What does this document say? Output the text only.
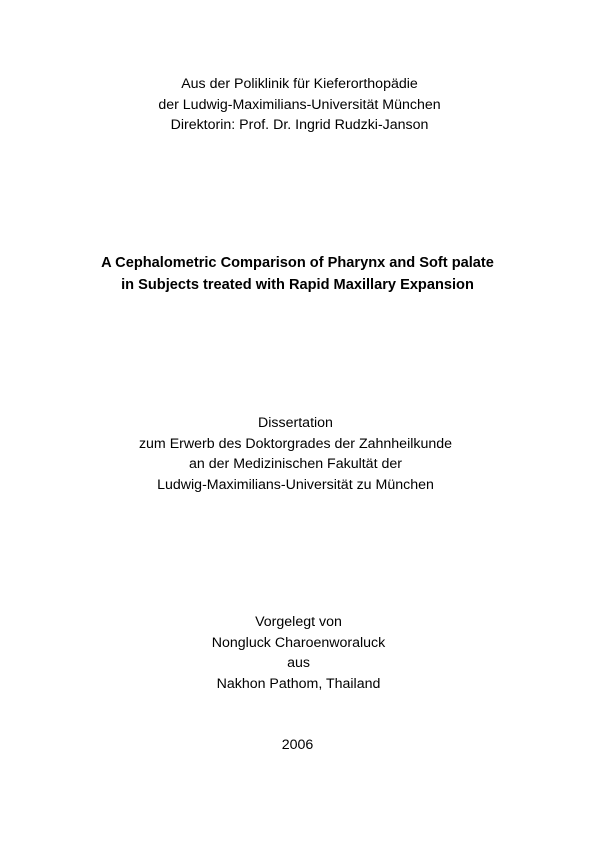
Aus der Poliklinik für Kieferorthopädie
der Ludwig-Maximilians-Universität München
Direktorin: Prof. Dr. Ingrid Rudzki-Janson
A Cephalometric Comparison of Pharynx and Soft palate
in Subjects treated with Rapid Maxillary Expansion
Dissertation
zum Erwerb des Doktorgrades der Zahnheilkunde
an der Medizinischen Fakultät der
Ludwig-Maximilians-Universität zu München
Vorgelegt von
Nongluck Charoenworaluck
aus
Nakhon Pathom, Thailand
2006
